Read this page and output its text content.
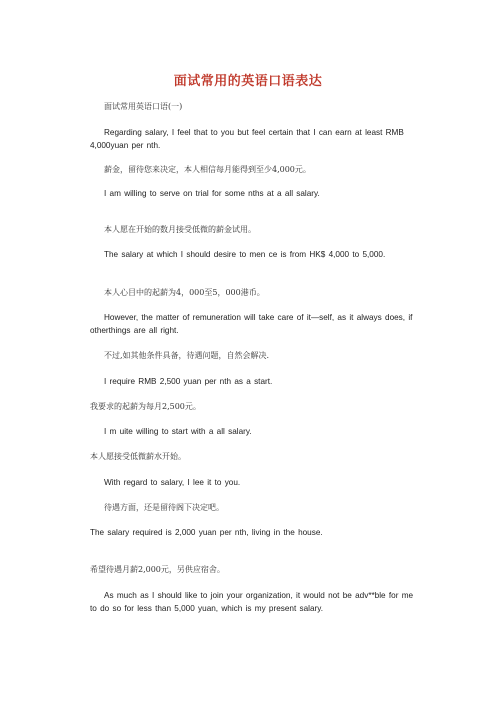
面试常用的英语口语表达
面试常用英语口语(一)
Regarding salary, I feel that to you but feel certain that I can earn at least RMB 4,000yuan per nth.
薪金，留待您来决定，本人相信每月能得到至少4,000元。
I am willing to serve on trial for some nths at a all salary.
本人愿在开始的数月接受低微的薪金试用。
The salary at which I should desire to men ce is from HK$ 4,000 to 5,000.
本人心目中的起薪为4，000至5，000港币。
However, the matter of remuneration will take care of it—self, as it always does, if otherthings are all right.
不过,如其他条件具备，待遇问题，自然会解决.
I require RMB 2,500 yuan per nth as a start.
我要求的起薪为每月2,500元。
I m uite willing to start with a all salary.
本人愿接受低微薪水开始。
With regard to salary, I lee it to you.
待遇方面，还是留待阁下决定吧。
The salary required is 2,000 yuan per nth, living in the house.
希望待遇月薪2,000元，另供应宿舍。
As much as I should like to join your organization, it would not be adv**ble for me to do so for less than 5,000 yuan, which is my present salary.
